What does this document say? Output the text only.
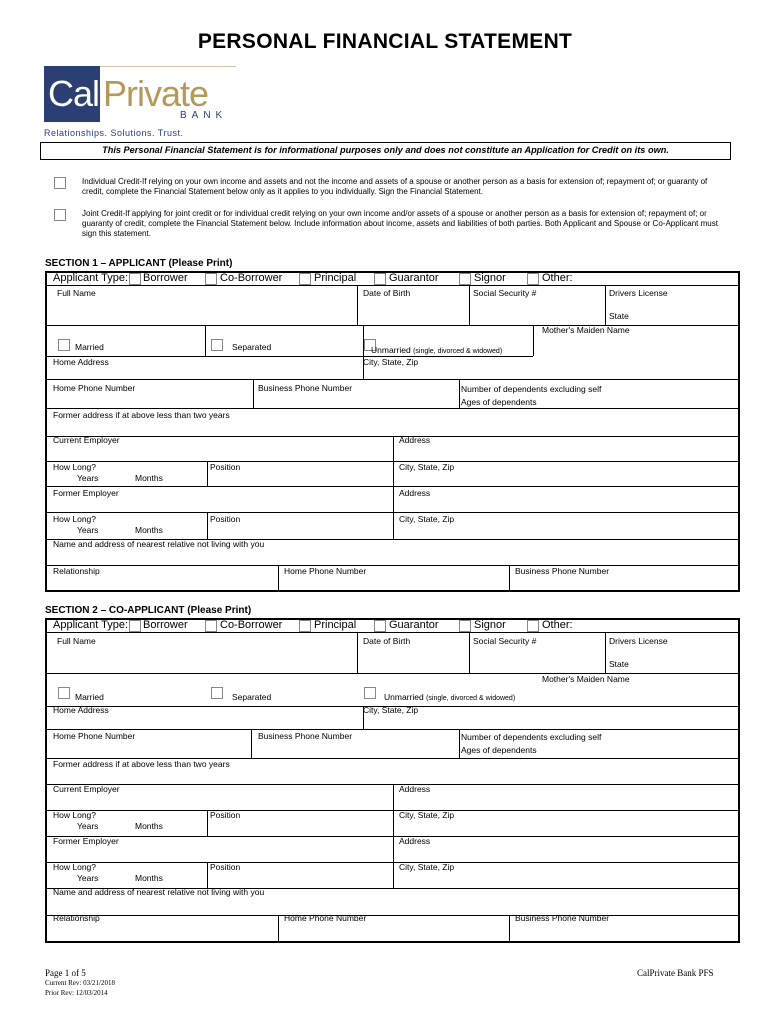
PERSONAL FINANCIAL STATEMENT
Cal Private
BANK
Relationships. Solutions. Trust.
This Personal Financial Statement is for informational purposes only and does not constitute an Application for Credit on its own.
Individual Credit-If relying on your own income and assets and not the income and assets of a spouse or another person as a basis for extension of; repayment of; or guaranty of credit, complete the Financial Statement below only as it applies to you individually. Sign the Financial Statement.
Joint Credit-If applying for joint credit or for individual credit relying on your own income and/or assets of a spouse or another person as a basis for extension of; repayment of; or guaranty of credit, complete the Financial Statement below. Include information about income, assets and liabilities of both parties. Both Applicant and Spouse or Co-Applicant must sign this statement.
SECTION 1 – APPLICANT (Please Print)
Applicant Type: Borrower	Co-Borrower	Principal	Guarantor	Signor	Other:
Full Name	Date of Birth	Social Security #	Drivers License
State
Mother's Maiden Name
Married	Separated	Unmarried (single, divorced & widowed)
Home Address	City, State, Zip
Home Phone Number	Business Phone Number	Number of dependents excluding self
Ages of dependents
Former address if at above less than two years
Current Employer	Address
How Long?
Years	Months
Position	City, State, Zip
Former Employer	Address
How Long?
Years	Months
Position	City, State, Zip
Name and address of nearest relative not living with you
Relationship	Home Phone Number	Business Phone Number
SECTION 2 – CO-APPLICANT (Please Print)
Applicant Type: Borrower	Co-Borrower	Principal	Guarantor	Signor	Other:
Full Name	Date of Birth	Social Security #	Drivers License
State
Mother's Maiden Name
Married	Separated	Unmarried (single, divorced & widowed)
Home Address	City, State, Zip
Home Phone Number	Business Phone Number	Number of dependents excluding self
Ages of dependents
Former address if at above less than two years
Current Employer	Address
How Long?
Years	Months
Position	City, State, Zip
Former Employer	Address
How Long?
Years	Months
Position	City, State, Zip
Name and address of nearest relative not living with you
Relationship	Home Phone Number	Business Phone Number
Page 1 of 5
Current Rev: 03/21/2018
Prior Rev: 12/03/2014
CalPrivate Bank PFS
